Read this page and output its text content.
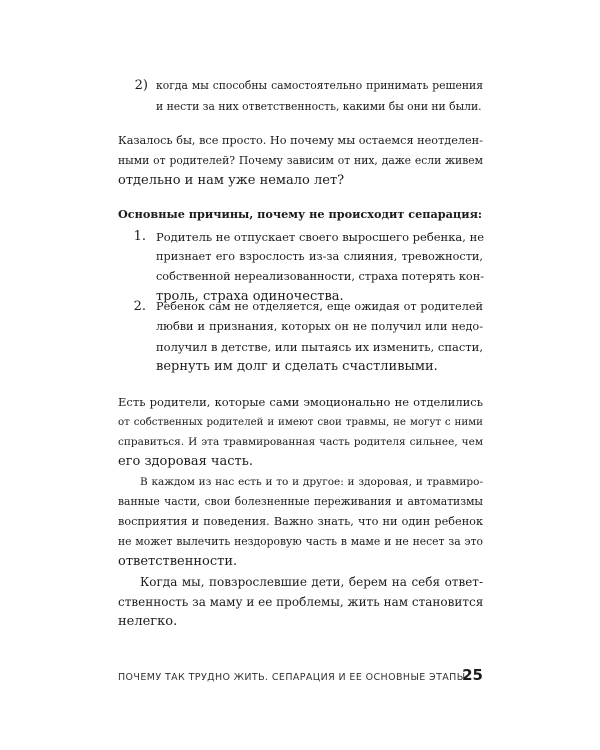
2) когда мы способны самостоятельно принимать решения
и нести за них ответственность, какими бы они ни были.
Казалось бы, все просто. Но почему мы остаемся неотделен-
ными от родителей? Почему зависим от них, даже если живем
отдельно и нам уже немало лет?
Основные причины, почему не происходит сепарация:
1. Родитель не отпускает своего выросшего ребенка, не
признает его взрослость из-за слияния, тревожности,
собственной нереализованности, страха потерять кон-
троль, страха одиночества.
2. Ребенок сам не отделяется, еще ожидая от родителей
любви и признания, которых он не получил или недо-
получил в детстве, или пытаясь их изменить, спасти,
вернуть им долг и сделать счастливыми.
Есть родители, которые сами эмоционально не отделились
от собственных родителей и имеют свои травмы, не могут с ними
справиться. И эта травмированная часть родителя сильнее, чем
его здоровая часть.
В каждом из нас есть и то и другое: и здоровая, и травмиро-
ванные части, свои болезненные переживания и автоматизмы
восприятия и поведения. Важно знать, что ни один ребенок
не может вылечить нездоровую часть в маме и не несет за это
ответственности.
Когда мы, повзрослевшие дети, берем на себя ответ-
ственность за маму и ее проблемы, жить нам становится
нелегко.
ПОЧЕМУ ТАК ТРУДНО ЖИТЬ. СЕПАРАЦИЯ И ЕЕ ОСНОВНЫЕ ЭТАПЫ
25
